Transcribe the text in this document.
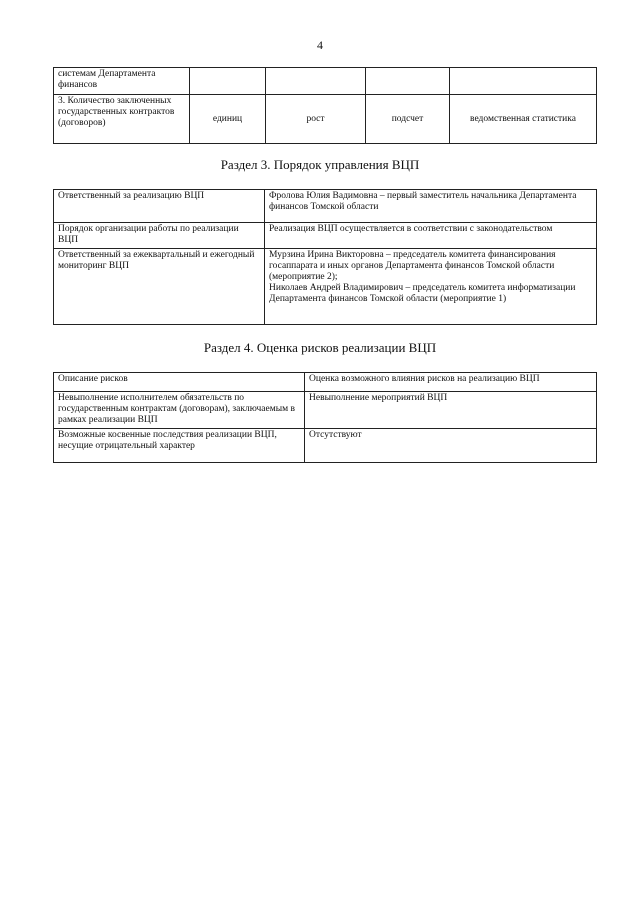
4
системам Департамента финансов				
3. Количество заключенных государственных контрактов (договоров)	единиц	рост	подсчет	ведомственная статистика
Раздел 3. Порядок управления ВЦП
Ответственный за реализацию ВЦП	Фролова Юлия Вадимовна – первый заместитель начальника Департамента финансов Томской области

Порядок организации работы по реализации ВЦП	Реализация ВЦП осуществляется в соответствии с законодательством

Ответственный за ежеквартальный и ежегодный мониторинг ВЦП	Мурзина Ирина Викторовна – председатель комитета финансирования госаппарата и иных органов Департамента финансов Томской области (мероприятие 2);
Николаев Андрей Владимирович – председатель комитета информатизации Департамента финансов Томской области (мероприятие 1)
Раздел 4. Оценка рисков реализации ВЦП
Описание рисков	Оценка возможного влияния рисков на реализацию ВЦП
Невыполнение исполнителем обязательств по государственным контрактам (договорам), заключаемым в рамках реализации ВЦП	Невыполнение мероприятий ВЦП
Возможные косвенные последствия реализации ВЦП, несущие отрицательный характер	Отсутствуют
